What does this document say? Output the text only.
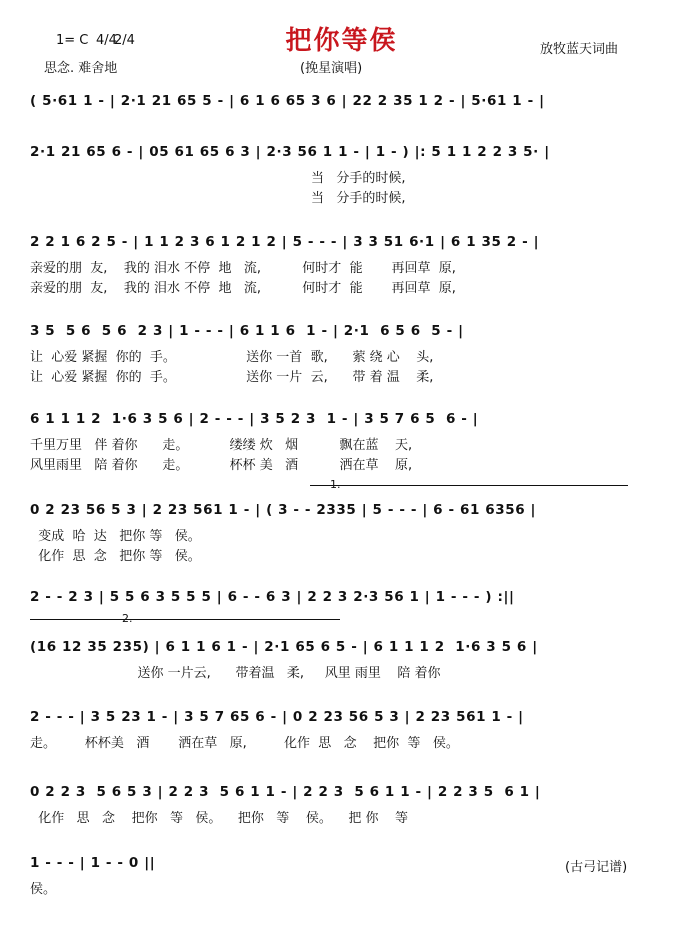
1= C 4/4
2/4
思念. 难舍地
把你等侯
(挽星演唱)
放牧蓝天词曲
( 5·61 1 - | 2·1 21 65 5 - | 6 1 6 65 3 6 | 22 2 35 1 2 - | 5·61 1 - |
2·1 21 65 6 - | 05 61 65 6 3 | 2·3 56 1 1 - | 1 - ) |: 5 1 1 2 2 3 5· |
当   分手的时候,
当   分手的时候,
2 2 1 6 2 5 - | 1 1 2 3 6 1 2 1 2 | 5 - - - | 3 3 51 6·1 | 6 1 35 2 - |
亲爱的朋  友,    我的 泪水 不停  地   流,          何时才  能       再回草  原,
亲爱的朋  友,    我的 泪水 不停  地   流,          何时才  能       再回草  原,
3 5  5 6  5 6  2 3 | 1 - - - | 6 1 1 6  1 - | 2·1  6 5 6  5 - |
让  心爱 紧握  你的  手。                 送你 一首  歌,      萦 绕 心    头,
让  心爱 紧握  你的  手。                 送你 一片  云,      带 着 温    柔,
6 1 1 1 2  1·6 3 5 6 | 2 - - - | 3 5 2 3  1 - | 3 5 7 6 5  6 - |
千里万里   伴 着你      走。          缕缕 炊   烟          飘在蓝    天,
风里雨里   陪 着你      走。          杯杯 美   酒          洒在草    原,
0 2 23 56 5 3 | 2 23 561 1 - | ( 3 - - 2335 | 5 - - - | 6 - 61 6356 |
变成  哈  达   把你 等   侯。
化作  思  念   把你 等   侯。
2 - - 2 3 | 5 5 6 3 5 5 5 | 6 - - 6 3 | 2 2 3 2·3 56 1 | 1 - - - ) :||
(16 12 35 235) | 6 1 1 6 1 - | 2·1 65 6 5 - | 6 1 1 1 2  1·6 3 5 6 |
送你 一片云,      带着温   柔,     风里 雨里    陪 着你
2 - - - | 3 5 23 1 - | 3 5 7 65 6 - | 0 2 23 56 5 3 | 2 23 561 1 - |
走。       杯杯美   酒       洒在草   原,         化作  思   念    把你  等   侯。
0 2 2 3  5 6 5 3 | 2 2 3  5 6 1 1 - | 2 2 3  5 6 1 1 - | 2 2 3 5  6 1 |
化作   思   念    把你   等   侯。    把你   等    侯。    把 你    等
1 - - - | 1 - - 0 ||
侯。
(古弓记谱)
